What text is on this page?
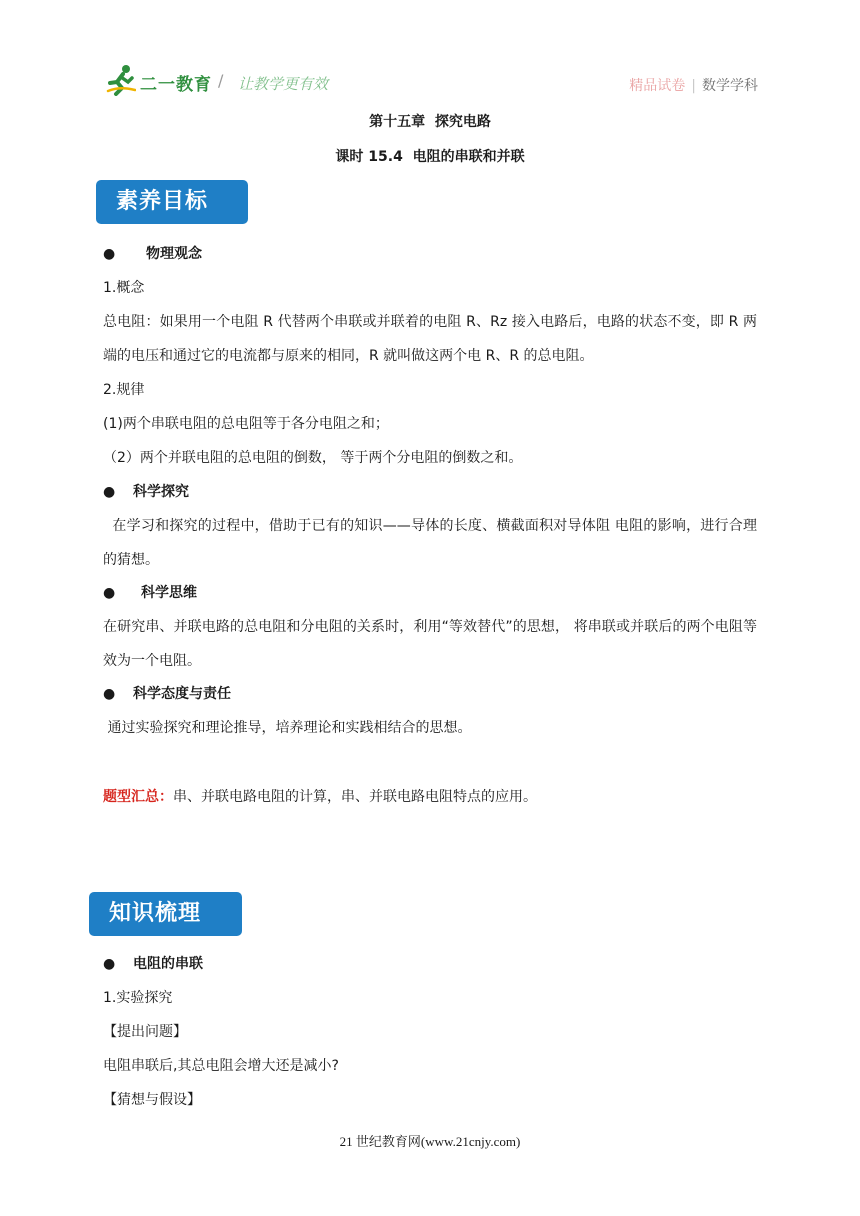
二一教育 / 让教学更有效	精品试卷 | 数学学科
第十五章  探究电路
课时 15.4  电阻的串联和并联
素养目标
● 物理观念
1.概念
总电阻：如果用一个电阻 R 代替两个串联或并联着的电阻 R、Rz 接入电路后，电路的状态不变，即 R 两端的电压和通过它的电流都与原来的相同，R 就叫做这两个电 R、R 的总电阻。
2.规律
(1)两个串联电阻的总电阻等于各分电阻之和；
（2）两个并联电阻的总电阻的倒数， 等于两个分电阻的倒数之和。
● 科学探究
在学习和探究的过程中，借助于已有的知识——导体的长度、横截面积对导体阻 电阻的影响，进行合理的猜想。
● 科学思维
在研究串、并联电路的总电阻和分电阻的关系时，利用“等效替代”的思想， 将串联或并联后的两个电阻等效为一个电阻。
● 科学态度与责任
通过实验探究和理论推导，培养理论和实践相结合的思想。
题型汇总：串、并联电路电阻的计算，串、并联电路电阻特点的应用。
知识梳理
● 电阻的串联
1.实验探究
【提出问题】
电阻串联后,其总电阻会增大还是减小?
【猜想与假设】
21 世纪教育网(www.21cnjy.com)
